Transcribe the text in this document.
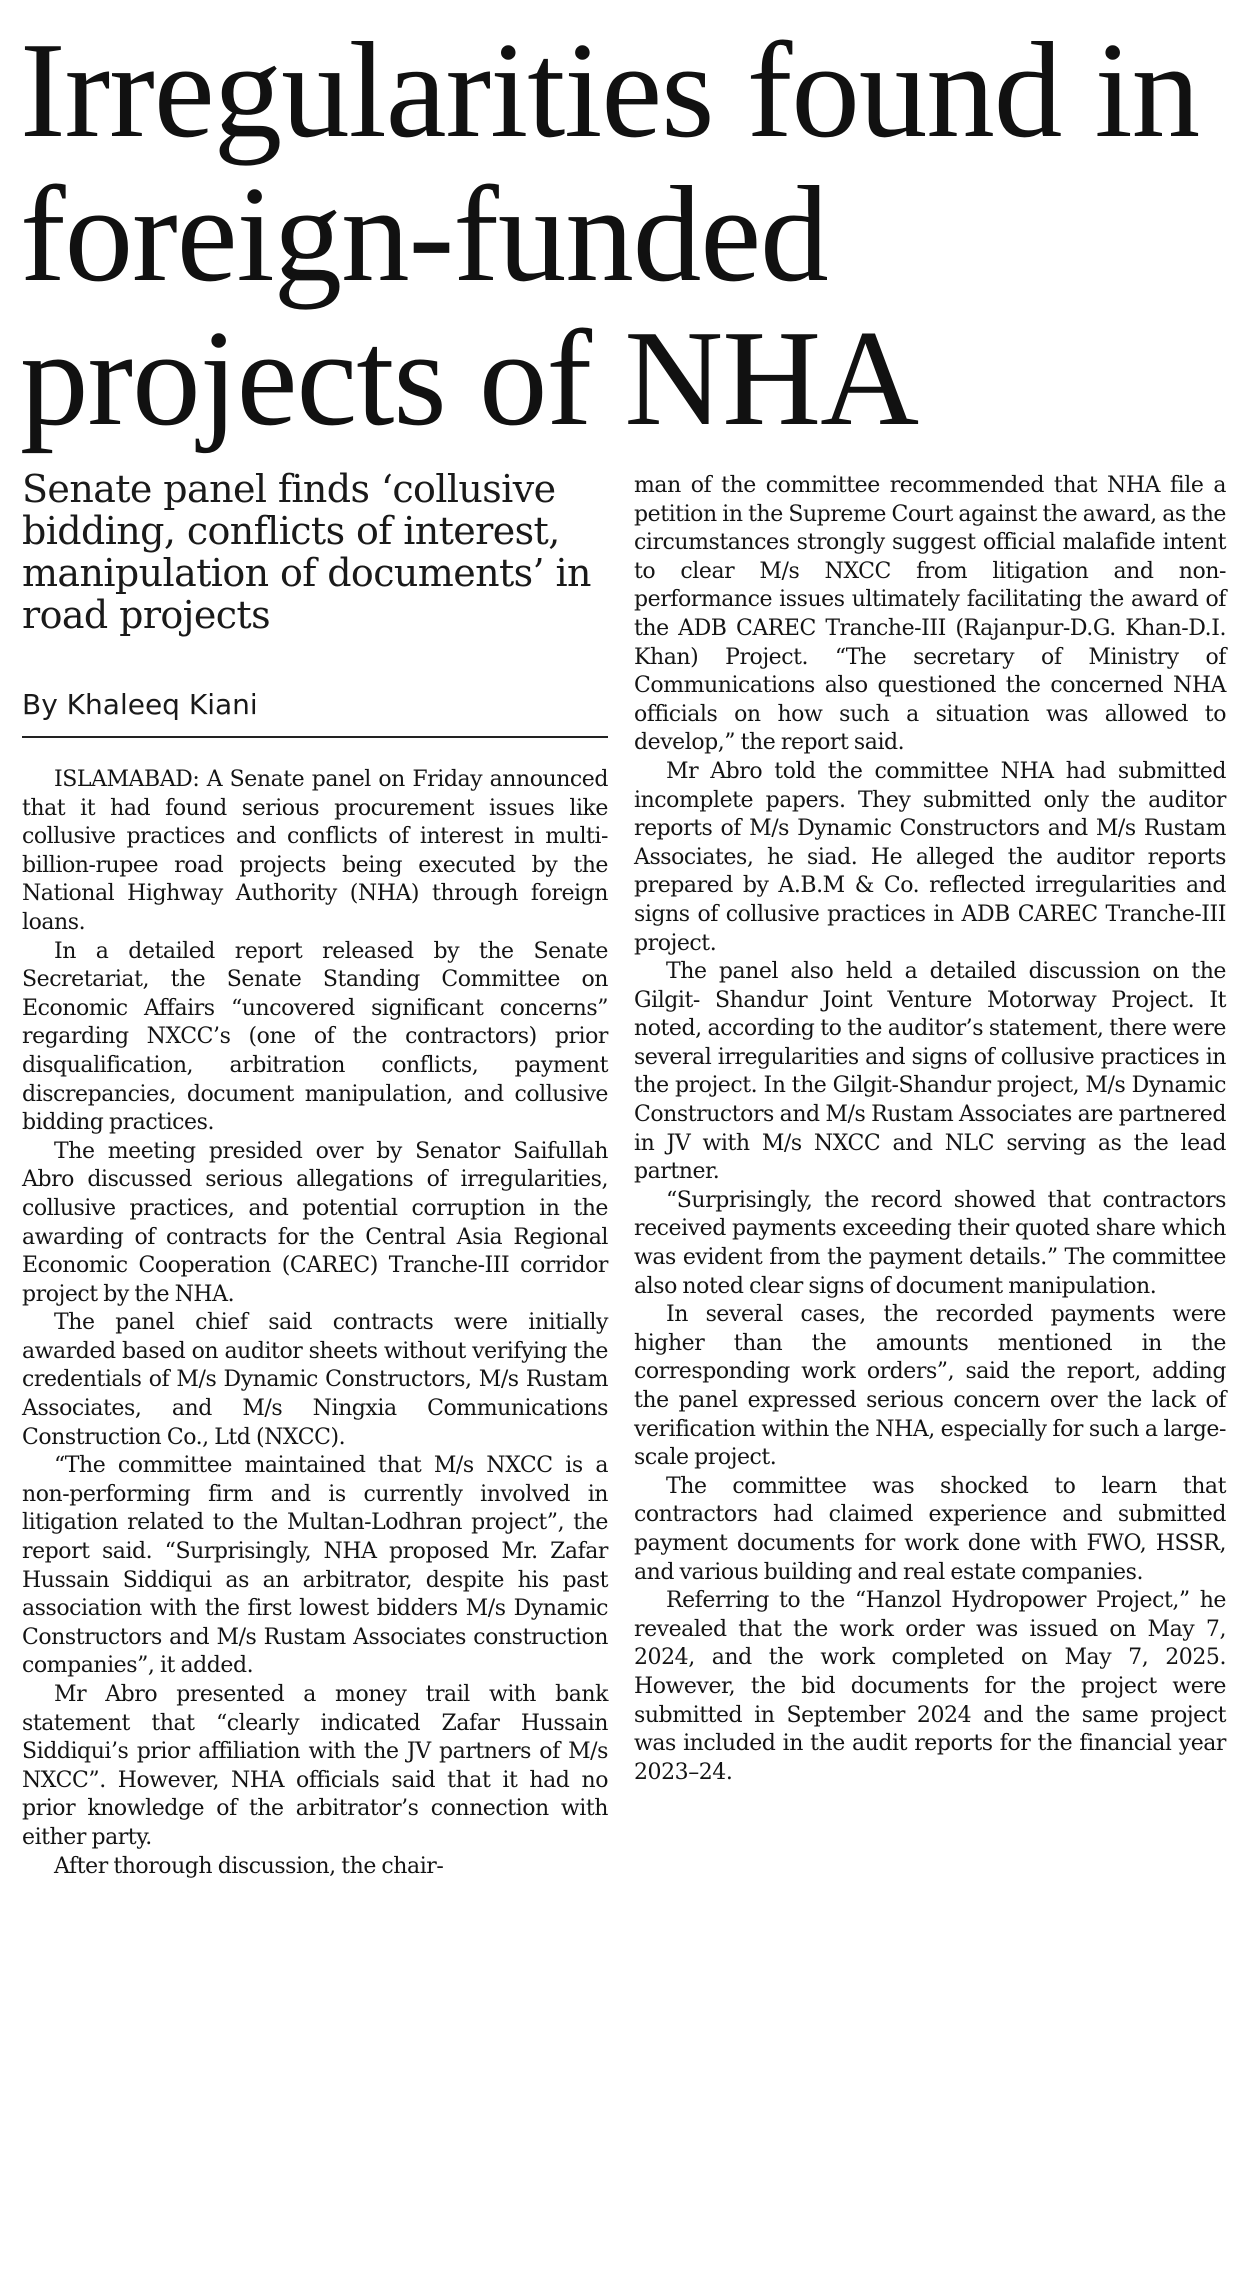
Irregularities found in foreign-funded projects of NHA
Senate panel finds ‘collusive bidding, conflicts of interest, manipulation of documents’ in road projects
By Khaleeq Kiani

ISLAMABAD: A Senate panel on Friday announced that it had found serious procurement issues like collusive practices and conflicts of interest in multi-billion-rupee road projects being executed by the National Highway Authority (NHA) through foreign loans.

In a detailed report released by the Senate Secretariat, the Senate Standing Committee on Economic Affairs “uncovered significant concerns” regarding NXCC’s (one of the contractors) prior disqualification, arbitration conflicts, payment discrepancies, document manipulation, and collusive bidding practices.

The meeting presided over by Senator Saifullah Abro discussed serious allegations of irregularities, collusive practices, and potential corruption in the awarding of contracts for the Central Asia Regional Economic Cooperation (CAREC) Tranche-III corridor project by the NHA.

The panel chief said contracts were initially awarded based on auditor sheets without verifying the credentials of M/s Dynamic Constructors, M/s Rustam Associates, and M/s Ningxia Communications Construction Co., Ltd (NXCC).

“The committee maintained that M/s NXCC is a non-performing firm and is currently involved in litigation related to the Multan-Lodhran project”, the report said. “Surprisingly, NHA proposed Mr. Zafar Hussain Siddiqui as an arbitrator, despite his past association with the first lowest bidders M/s Dynamic Constructors and M/s Rustam Associates construction companies”, it added.

Mr Abro presented a money trail with bank statement that “clearly indicated Zafar Hussain Siddiqui’s prior affiliation with the JV partners of M/s NXCC”. However, NHA officials said that it had no prior knowledge of the arbitrator’s connection with either party.

After thorough discussion, the chair-

man of the committee recommended that NHA file a petition in the Supreme Court against the award, as the circumstances strongly suggest official malafide intent to clear M/s NXCC from litigation and non-performance issues ultimately facilitating the award of the ADB CAREC Tranche-III (Rajanpur-D.G. Khan-D.I. Khan) Project. “The secretary of Ministry of Communications also questioned the concerned NHA officials on how such a situation was allowed to develop,” the report said.

Mr Abro told the committee NHA had submitted incomplete papers. They submitted only the auditor reports of M/s Dynamic Constructors and M/s Rustam Associates, he siad. He alleged the auditor reports prepared by A.B.M & Co. reflected irregularities and signs of collusive practices in ADB CAREC Tranche-III project.

The panel also held a detailed discussion on the Gilgit- Shandur Joint Venture Motorway Project. It noted, according to the auditor’s statement, there were several irregularities and signs of collusive practices in the project. In the Gilgit-Shandur project, M/s Dynamic Constructors and M/s Rustam Associates are partnered in JV with M/s NXCC and NLC serving as the lead partner.

“Surprisingly, the record showed that contractors received payments exceeding their quoted share which was evident from the payment details.” The committee also noted clear signs of document manipulation.

In several cases, the recorded payments were higher than the amounts mentioned in the corresponding work orders”, said the report, adding the panel expressed serious concern over the lack of verification within the NHA, especially for such a large-scale project.

The committee was shocked to learn that contractors had claimed experience and submitted payment documents for work done with FWO, HSSR, and various building and real estate companies.

Referring to the “Hanzol Hydropower Project,” he revealed that the work order was issued on May 7, 2024, and the work completed on May 7, 2025. However, the bid documents for the project were submitted in September 2024 and the same project was included in the audit reports for the financial year 2023–24.
